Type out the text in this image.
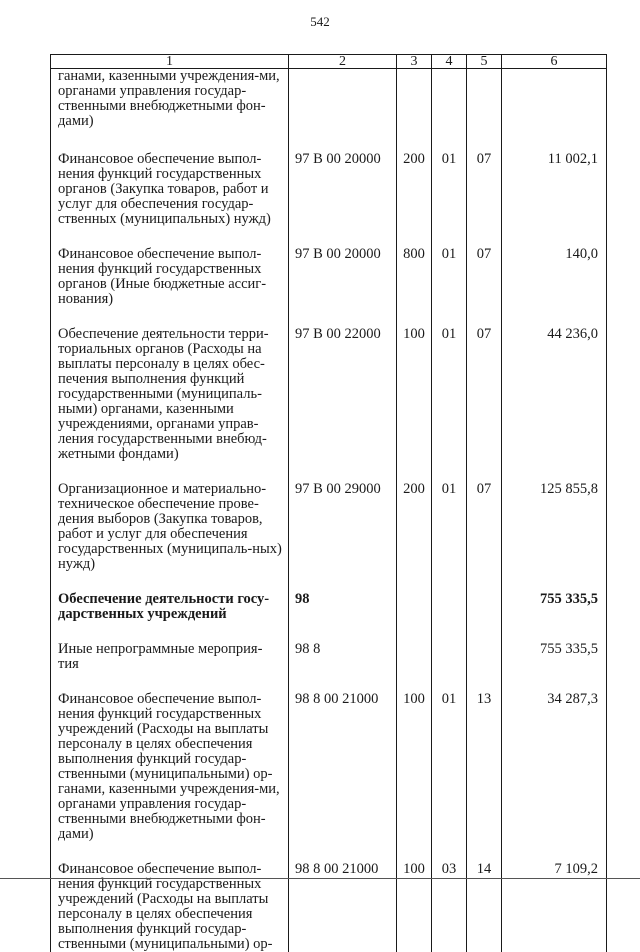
542
1	2	3	4	5	6
ганами, казенными учреждения-ми, органами управления государ-ственными внебюджетными фон-дами)					
Финансовое обеспечение выпол-нения функций государственных органов (Закупка товаров, работ и услуг для обеспечения государ-ственных (муниципальных) нужд)	97 В 00 20000	200	01	07	11 002,1
Финансовое обеспечение выпол-нения функций государственных органов (Иные бюджетные ассиг-нования)	97 В 00 20000	800	01	07	140,0
Обеспечение деятельности терри-ториальных органов (Расходы на выплаты персоналу в целях обес-печения выполнения функций государственными (муниципаль-ными) органами, казенными учреждениями, органами управ-ления государственными внебюд-жетными фондами)	97 В 00 22000	100	01	07	44 236,0
Организационное и материально-техническое обеспечение прове-дения выборов (Закупка товаров, работ и услуг для обеспечения государственных (муниципаль-ных) нужд)	97 В 00 29000	200	01	07	125 855,8
Обеспечение деятельности госу-дарственных учреждений	98				755 335,5
Иные непрограммные мероприя-тия	98 8				755 335,5
Финансовое обеспечение выпол-нения функций государственных учреждений (Расходы на выплаты персоналу в целях обеспечения выполнения функций государ-ственными (муниципальными) ор-ганами, казенными учреждения-ми, органами управления государ-ственными внебюджетными фон-дами)	98 8 00 21000	100	01	13	34 287,3
Финансовое обеспечение выпол-нения функций государственных учреждений (Расходы на выплаты персоналу в целях обеспечения выполнения функций государ-ственными (муниципальными) ор-	98 8 00 21000	100	03	14	7 109,2
